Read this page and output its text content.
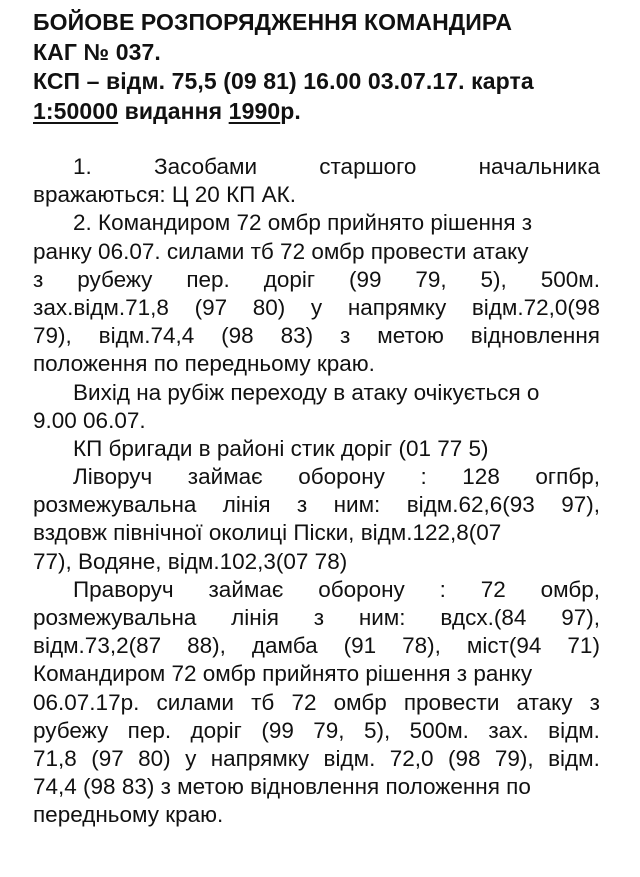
БОЙОВЕ РОЗПОРЯДЖЕННЯ КОМАНДИРА
КАГ № 037.
КСП – відм. 75,5 (09 81) 16.00 03.07.17. карта
1:50000 видання 1990р.
1.	Засобами	старшого	начальника
вражаються: Ц 20 КП АК.
2. Командиром 72 омбр прийнято рішення з
ранку 06.07. силами тб 72 омбр провести атаку
з рубежу пер. доріг (99 79, 5), 500м.
зах.відм.71,8 (97 80) у напрямку відм.72,0(98
79), відм.74,4 (98 83) з метою відновлення
положення по передньому краю.
Вихід на рубіж переходу в атаку очікується о
9.00 06.07.
КП бригади в районі стик доріг (01 77 5)
Ліворуч займає оборону : 128 огпбр,
розмежувальна лінія з ним: відм.62,6(93 97),
вздовж північної околиці Піски, відм.122,8(07
77), Водяне, відм.102,3(07 78)
Праворуч займає оборону : 72 омбр,
розмежувальна лінія з ним: вдсх.(84 97),
відм.73,2(87 88), дамба (91 78), міст(94 71)
Командиром 72 омбр прийнято рішення з ранку
06.07.17р. силами тб 72 омбр провести атаку з
рубежу пер. доріг (99 79, 5), 500м. зах. відм.
71,8 (97 80) у напрямку відм. 72,0 (98 79), відм.
74,4 (98 83) з метою відновлення положення по
передньому краю.
